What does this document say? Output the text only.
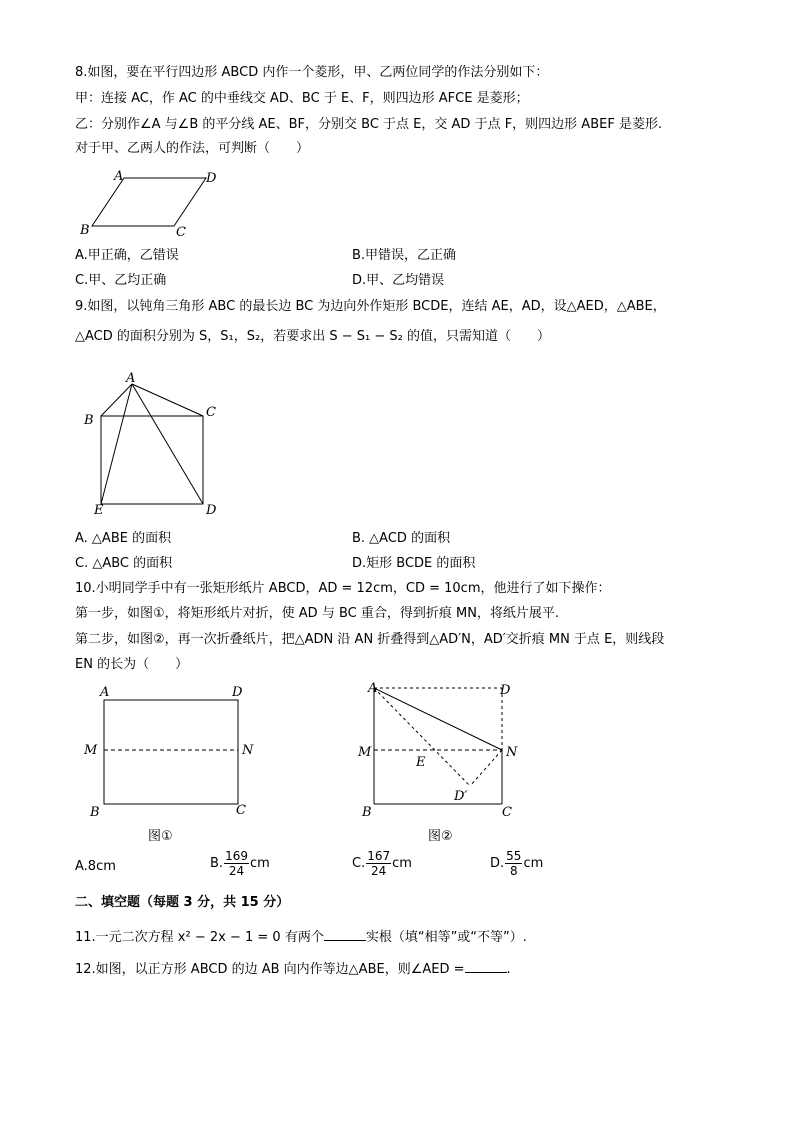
8.如图，要在平行四边形 ABCD 内作一个菱形，甲、乙两位同学的作法分别如下：
甲：连接 AC，作 AC 的中垂线交 AD、BC 于 E、F，则四边形 AFCE 是菱形；
乙：分别作∠A 与∠B 的平分线 AE、BF，分别交 BC 于点 E，交 AD 于点 F，则四边形 ABEF 是菱形.
对于甲、乙两人的作法，可判断（　　）
A	D
B	C
A.甲正确，乙错误	B.甲错误，乙正确
C.甲、乙均正确	D.甲、乙均错误
9.如图，以钝角三角形 ABC 的最长边 BC 为边向外作矩形 BCDE，连结 AE，AD，设△AED，△ABE，
△ACD 的面积分别为 S，S₁，S₂，若要求出 S − S₁ − S₂ 的值，只需知道（　　）
A
B
C
E	D
A. △ABE 的面积	B. △ACD 的面积
C. △ABC 的面积	D.矩形 BCDE 的面积
10.小明同学手中有一张矩形纸片 ABCD，AD = 12cm，CD = 10cm，他进行了如下操作：
第一步，如图①，将矩形纸片对折，使 AD 与 BC 重合，得到折痕 MN，将纸片展平.
第二步，如图②，再一次折叠纸片，把△ADN 沿 AN 折叠得到△AD′N，AD′交折痕 MN 于点 E，则线段
EN 的长为（　　）
A	D
M	N
B	C
图①
A	D
M	N
E
D′
B	C
图②
A.8cm	B. $\frac{169}{24}$ cm	C. $\frac{167}{24}$ cm	D. $\frac{55}{8}$ cm
二、填空题（每题 3 分，共 15 分）
11.一元二次方程 x² − 2x − 1 = 0 有两个	实根（填“相等”或“不等”）.
12.如图，以正方形 ABCD 的边 AB 向内作等边△ABE，则∠AED =	.
